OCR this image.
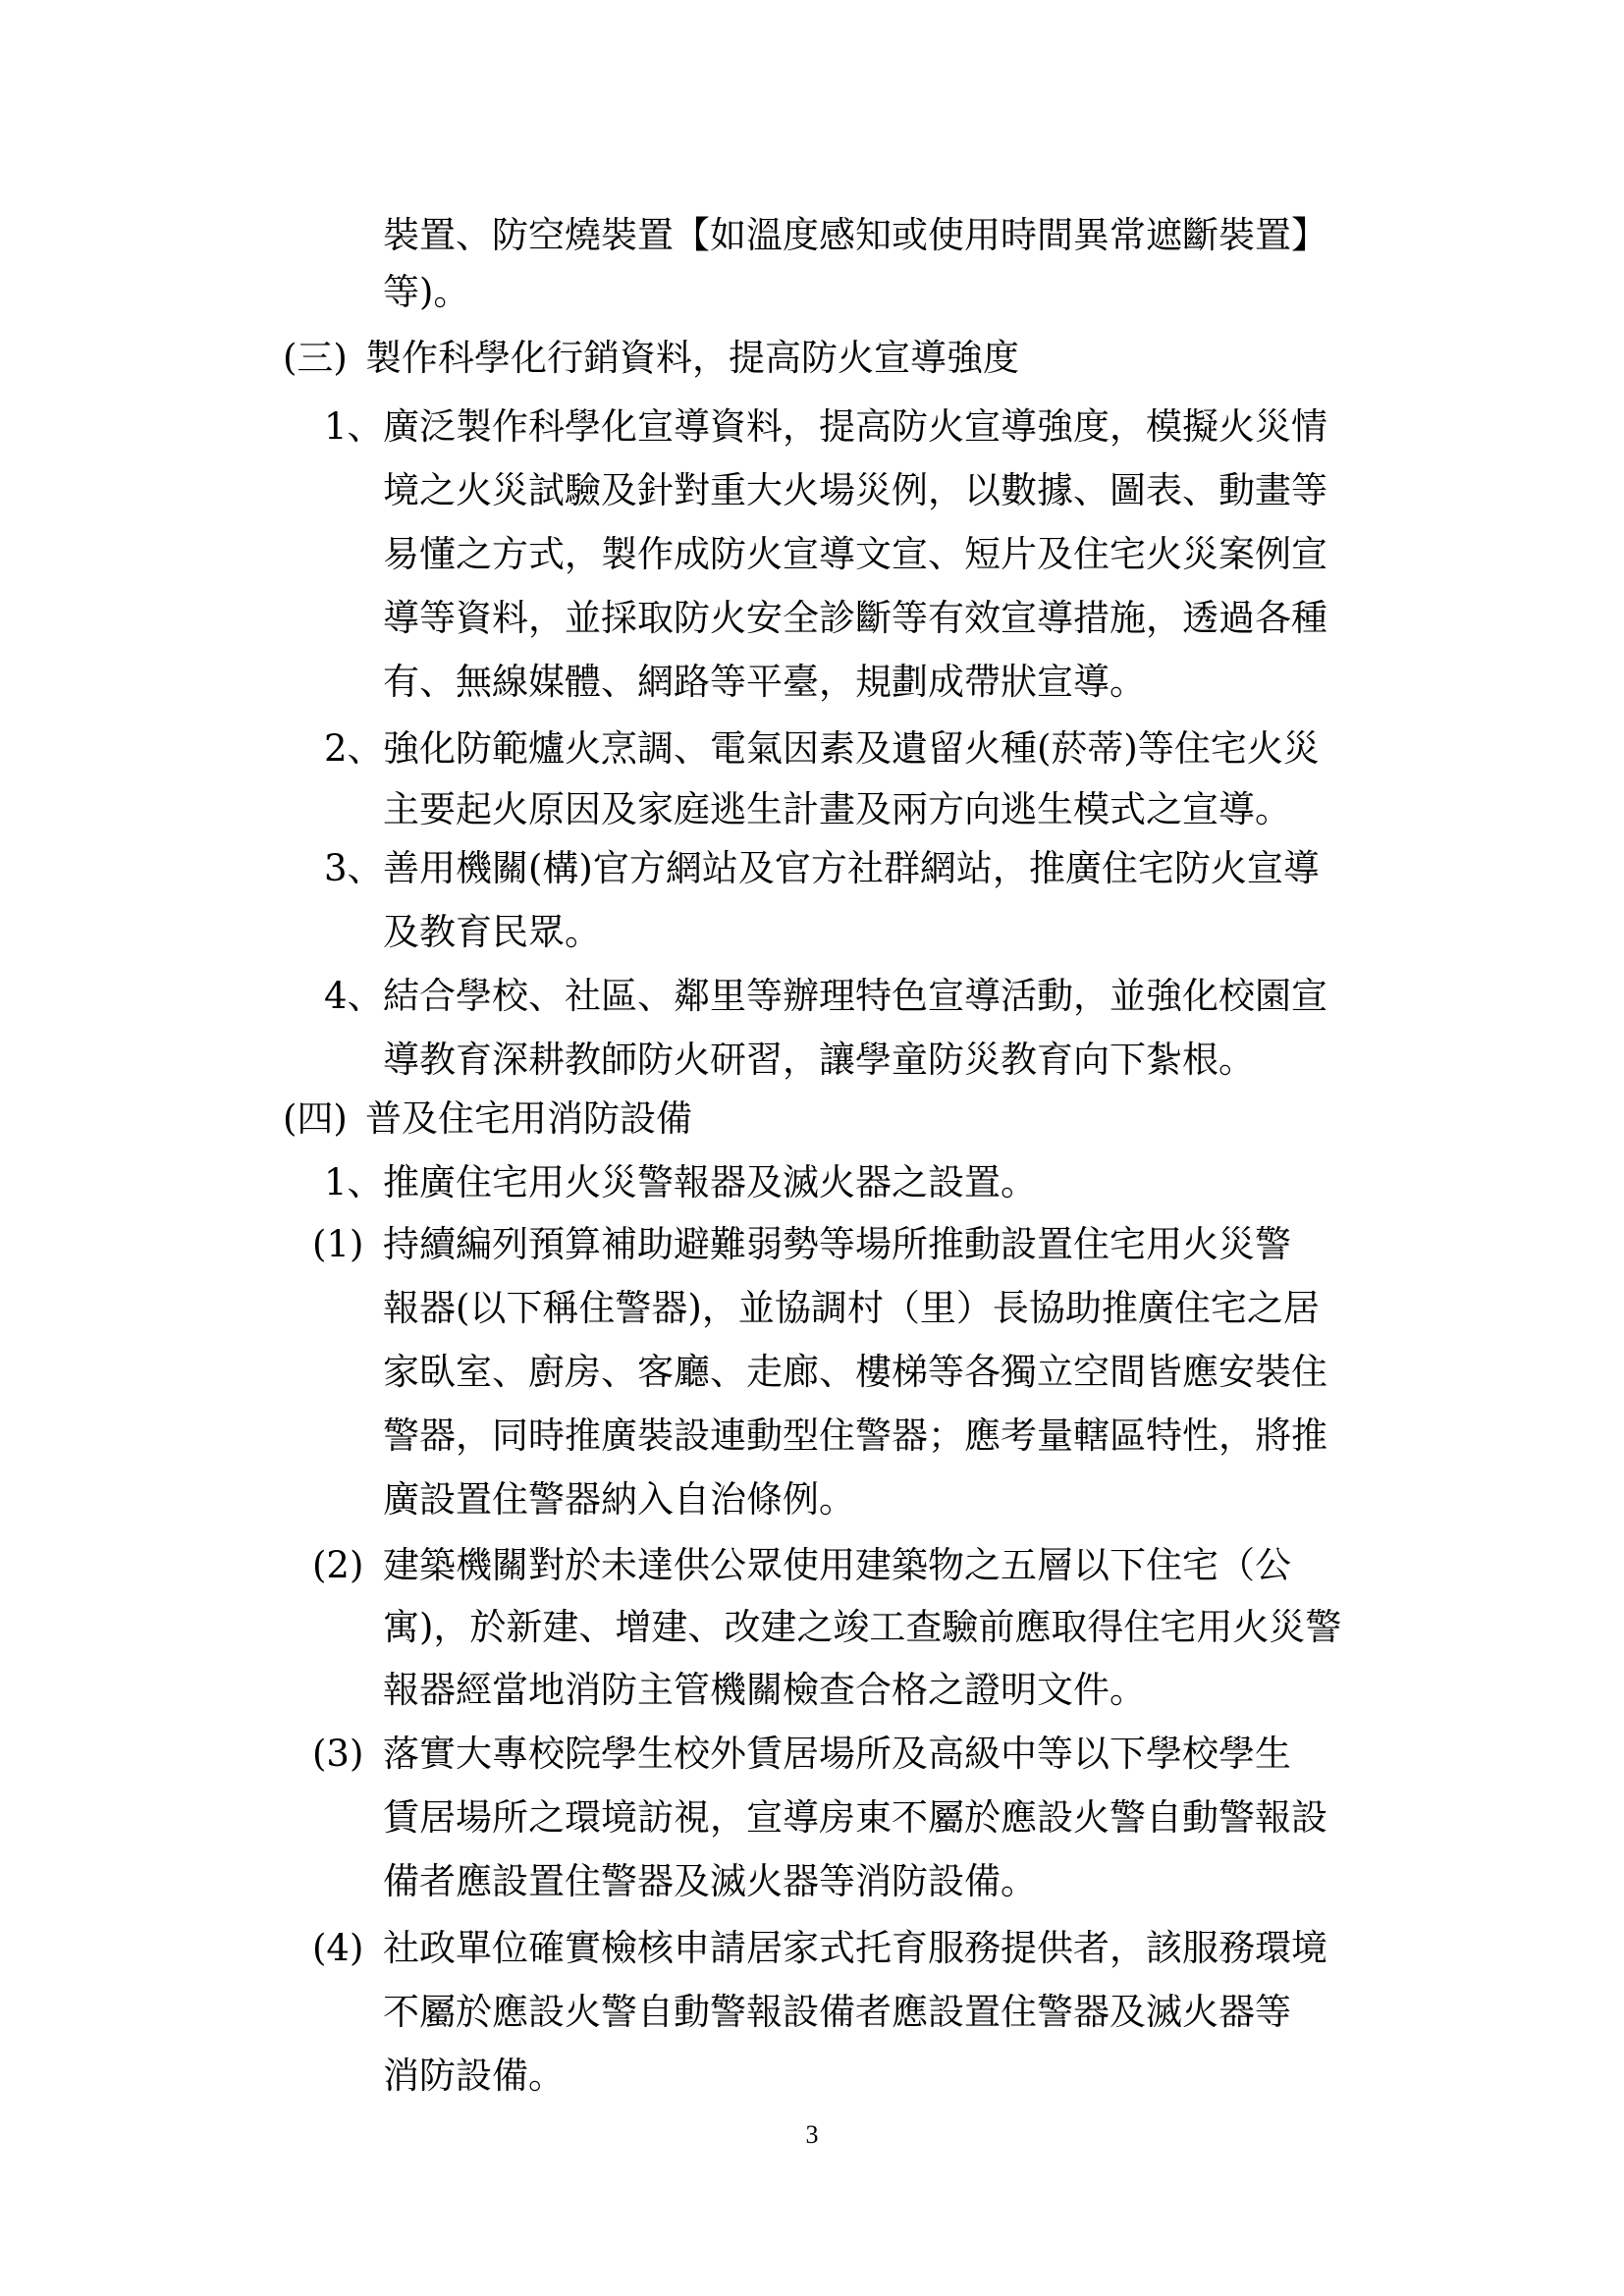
裝置、防空燒裝置【如溫度感知或使用時間異常遮斷裝置】
等)。
(三) 製作科學化行銷資料，提高防火宣導強度
1、 廣泛製作科學化宣導資料，提高防火宣導強度，模擬火災情
境之火災試驗及針對重大火場災例，以數據、圖表、動畫等
易懂之方式，製作成防火宣導文宣、短片及住宅火災案例宣
導等資料，並採取防火安全診斷等有效宣導措施，透過各種
有、無線媒體、網路等平臺，規劃成帶狀宣導。
2、 強化防範爐火烹調、電氣因素及遺留火種(菸蒂)等住宅火災
主要起火原因及家庭逃生計畫及兩方向逃生模式之宣導。
3、 善用機關(構)官方網站及官方社群網站，推廣住宅防火宣導
及教育民眾。
4、 結合學校、社區、鄰里等辦理特色宣導活動，並強化校園宣
導教育深耕教師防火研習，讓學童防災教育向下紮根。
(四) 普及住宅用消防設備
1、 推廣住宅用火災警報器及滅火器之設置。
(1) 持續編列預算補助避難弱勢等場所推動設置住宅用火災警
報器(以下稱住警器)，並協調村（里）長協助推廣住宅之居
家臥室、廚房、客廳、走廊、樓梯等各獨立空間皆應安裝住
警器，同時推廣裝設連動型住警器；應考量轄區特性，將推
廣設置住警器納入自治條例。
(2) 建築機關對於未達供公眾使用建築物之五層以下住宅（公
寓)，於新建、增建、改建之竣工查驗前應取得住宅用火災警
報器經當地消防主管機關檢查合格之證明文件。
(3) 落實大專校院學生校外賃居場所及高級中等以下學校學生
賃居場所之環境訪視，宣導房東不屬於應設火警自動警報設
備者應設置住警器及滅火器等消防設備。
(4) 社政單位確實檢核申請居家式托育服務提供者，該服務環境
不屬於應設火警自動警報設備者應設置住警器及滅火器等
消防設備。
3
